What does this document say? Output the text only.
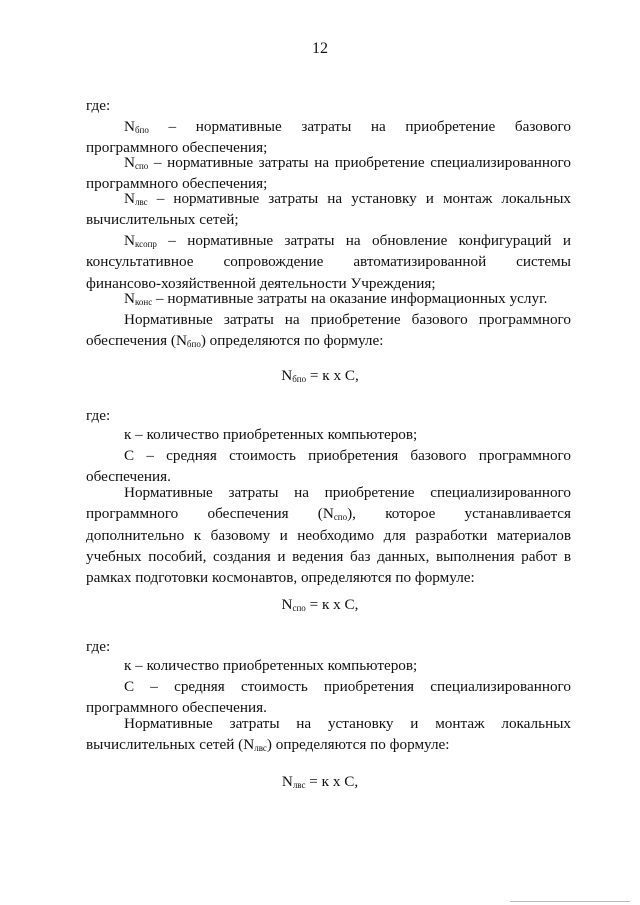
12
где:
$N_{бпо}$ – нормативные затраты на приобретение базового программного обеспечения;
$N_{спо}$ – нормативные затраты на приобретение специализированного программного обеспечения;
$N_{лвс}$ – нормативные затраты на установку и монтаж локальных вычислительных сетей;
$N_{ксопр}$ – нормативные затраты на обновление конфигураций и консультативное сопровождение автоматизированной системы финансово-хозяйственной деятельности Учреждения;
$N_{конс}$ – нормативные затраты на оказание информационных услуг.
Нормативные затраты на приобретение базового программного обеспечения $(N_{бпо})$ определяются по формуле:
$N_{бпо} = к$ х С,
где:
к – количество приобретенных компьютеров;
С – средняя стоимость приобретения базового программного обеспечения.
Нормативные затраты на приобретение специализированного программного обеспечения $(N_{спо})$, которое устанавливается дополнительно к базовому и необходимо для разработки материалов учебных пособий, создания и ведения баз данных, выполнения работ в рамках подготовки космонавтов, определяются по формуле:
$N_{спо} = к$ х С,
где:
к – количество приобретенных компьютеров;
С – средняя стоимость приобретения специализированного программного обеспечения.
Нормативные затраты на установку и монтаж локальных вычислительных сетей $(N_{лвс})$ определяются по формуле:
$N_{лвс} = к$ х С,
